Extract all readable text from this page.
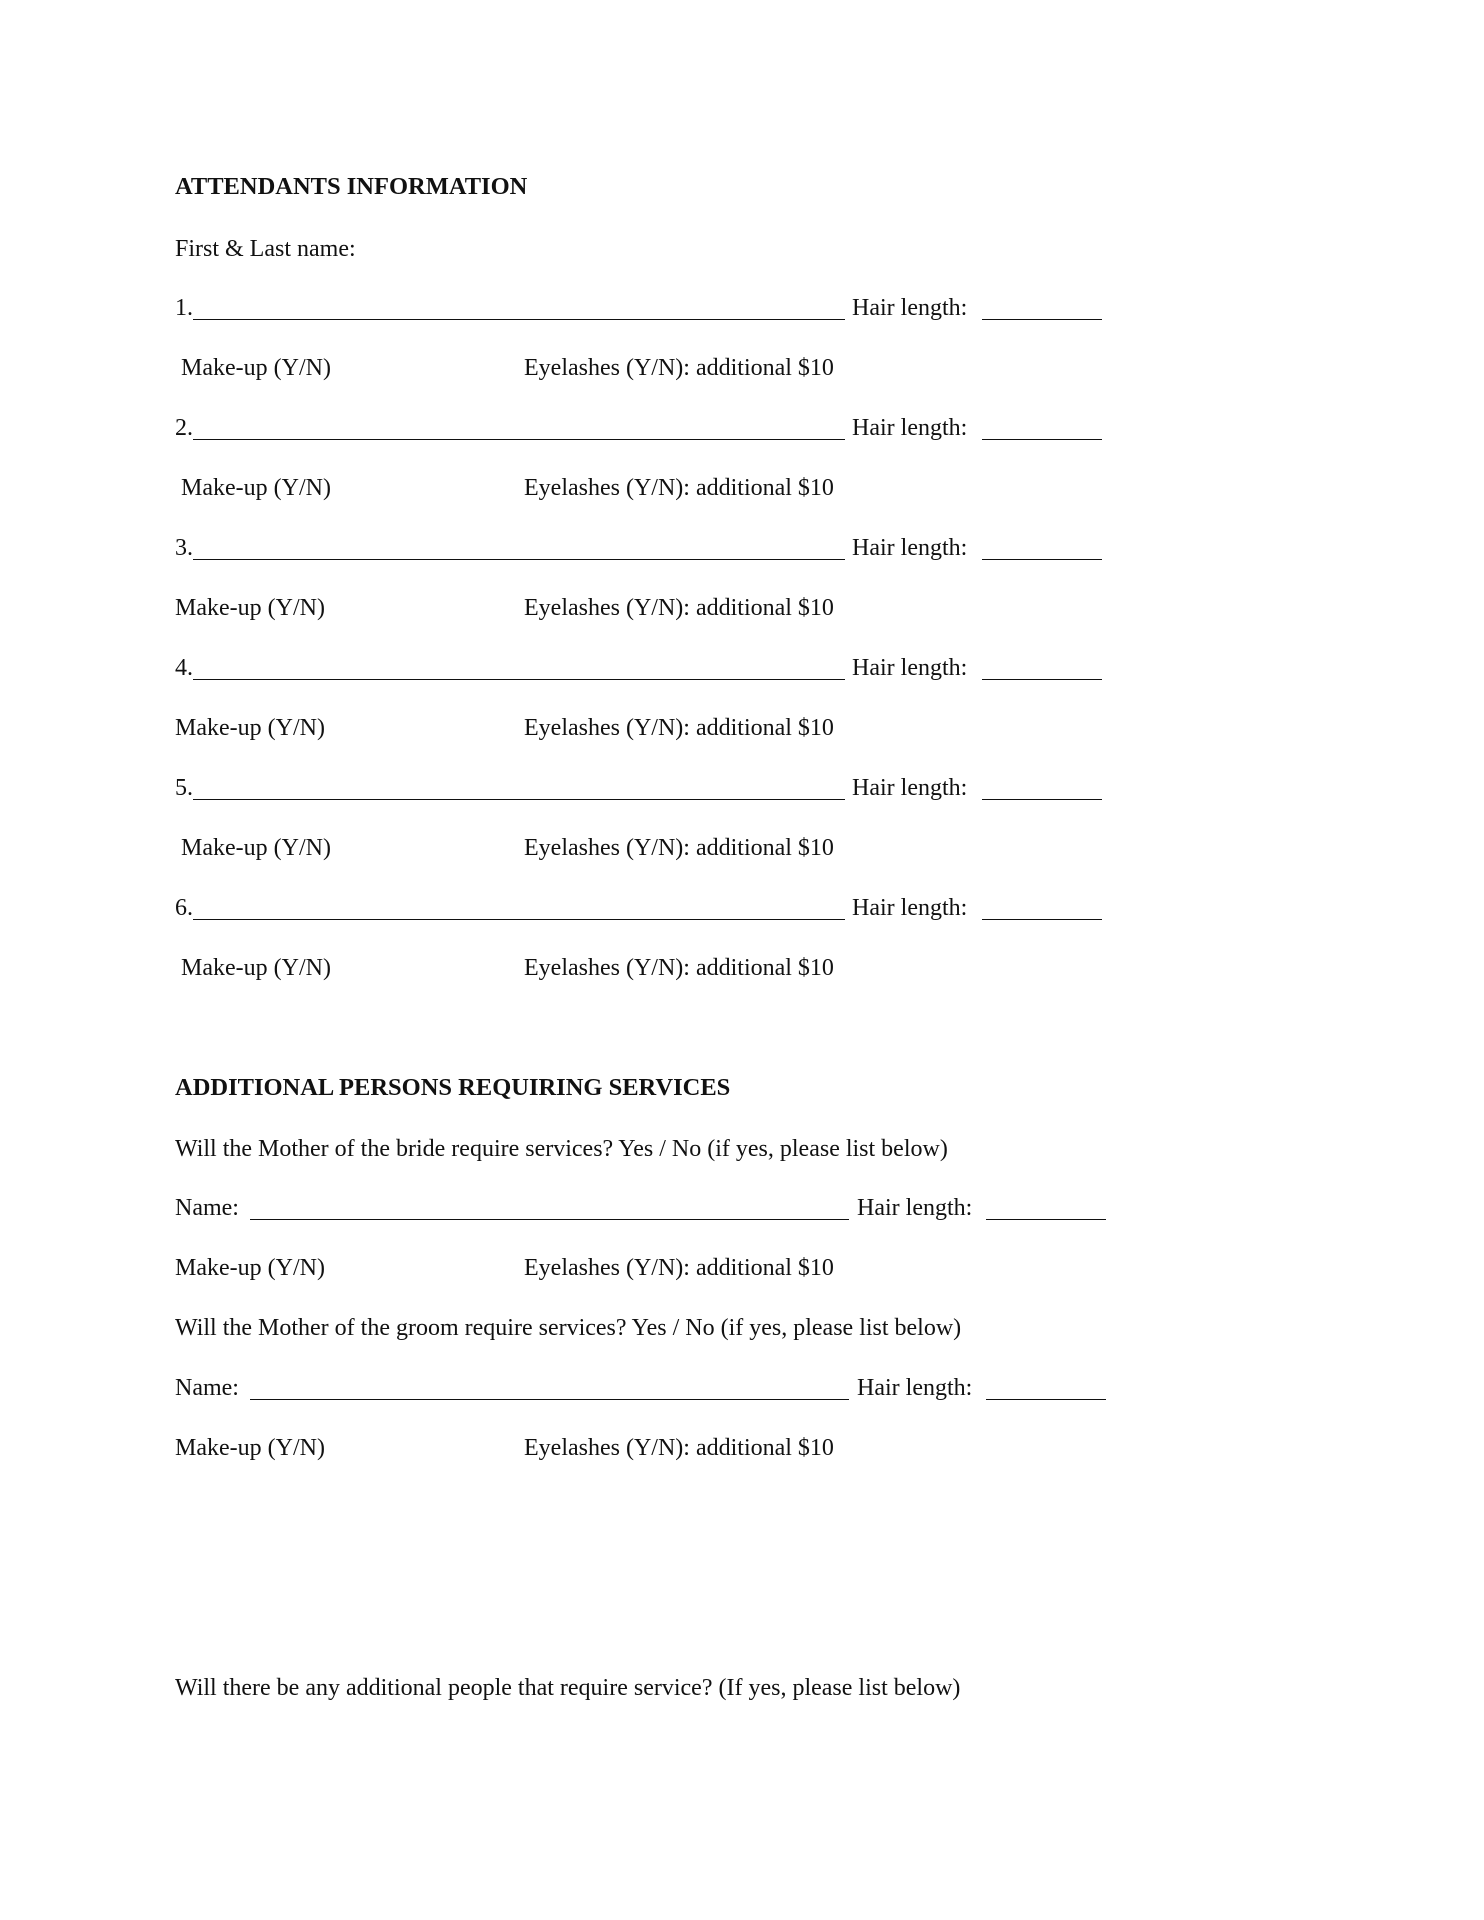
ATTENDANTS INFORMATION
First & Last name:
1.	Hair length:
Make-up (Y/N)	Eyelashes (Y/N): additional $10
2.	Hair length:
Make-up (Y/N)	Eyelashes (Y/N): additional $10
3.	Hair length:
Make-up (Y/N)	Eyelashes (Y/N): additional $10
4.	Hair length:
Make-up (Y/N)	Eyelashes (Y/N): additional $10
5.	Hair length:
Make-up (Y/N)	Eyelashes (Y/N): additional $10
6.	Hair length:
Make-up (Y/N)	Eyelashes (Y/N): additional $10
ADDITIONAL PERSONS REQUIRING SERVICES
Will the Mother of the bride require services? Yes / No (if yes, please list below)
Name:	Hair length:
Make-up (Y/N)	Eyelashes (Y/N): additional $10
Will the Mother of the groom require services? Yes / No (if yes, please list below)
Name:	Hair length:
Make-up (Y/N)	Eyelashes (Y/N): additional $10
Will there be any additional people that require service? (If yes, please list below)
